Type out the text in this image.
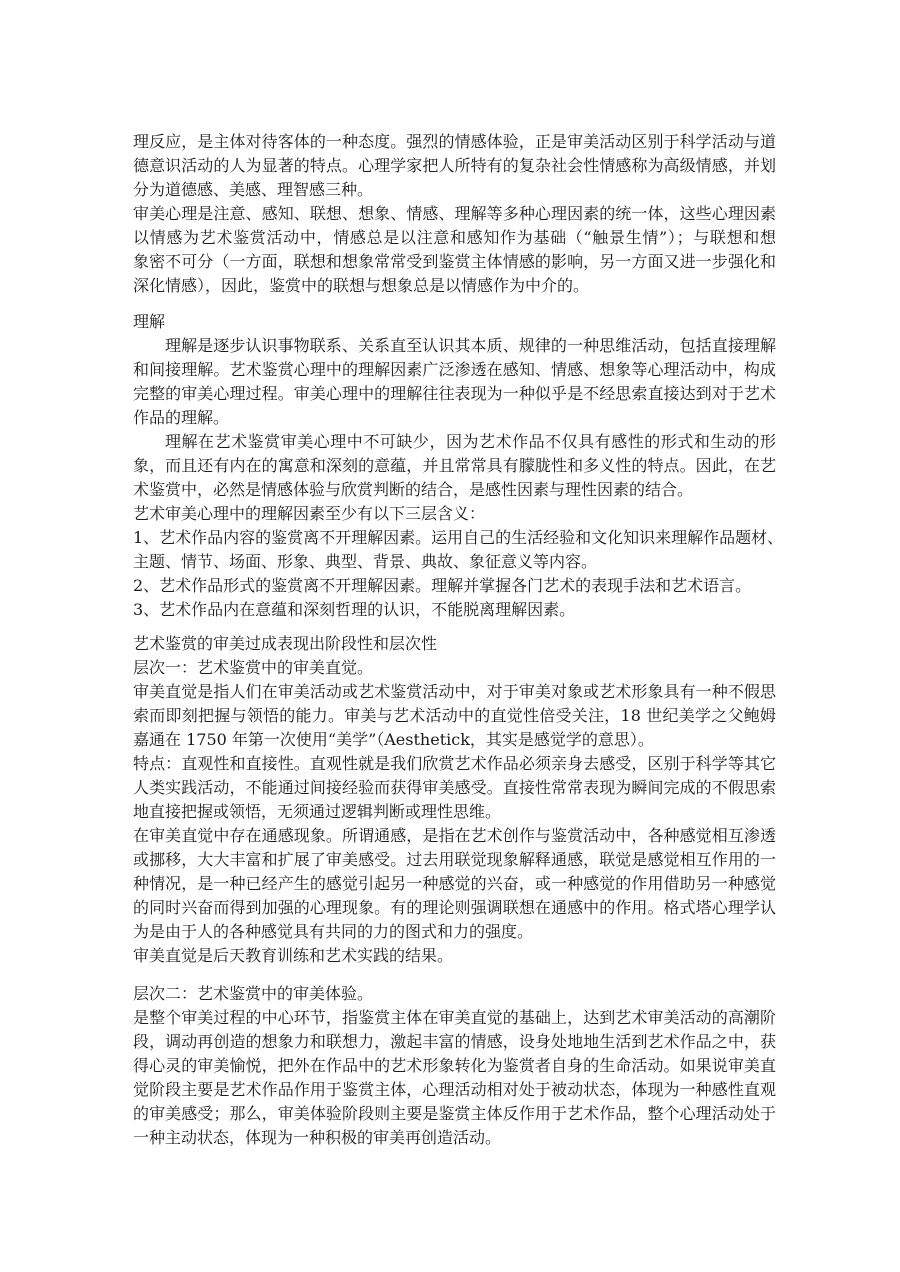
理反应，是主体对待客体的一种态度。强烈的情感体验，正是审美活动区别于科学活动与道
德意识活动的人为显著的特点。心理学家把人所特有的复杂社会性情感称为高级情感，并划
分为道德感、美感、理智感三种。
审美心理是注意、感知、联想、想象、情感、理解等多种心理因素的统一体，这些心理因素
以情感为艺术鉴赏活动中，情感总是以注意和感知作为基础（“触景生情”）；与联想和想
象密不可分（一方面，联想和想象常常受到鉴赏主体情感的影响，另一方面又进一步强化和
深化情感），因此，鉴赏中的联想与想象总是以情感作为中介的。
理解
理解是逐步认识事物联系、关系直至认识其本质、规律的一种思维活动，包括直接理解
和间接理解。艺术鉴赏心理中的理解因素广泛渗透在感知、情感、想象等心理活动中，构成
完整的审美心理过程。审美心理中的理解往往表现为一种似乎是不经思索直接达到对于艺术
作品的理解。
理解在艺术鉴赏审美心理中不可缺少，因为艺术作品不仅具有感性的形式和生动的形
象，而且还有内在的寓意和深刻的意蕴，并且常常具有朦胧性和多义性的特点。因此，在艺
术鉴赏中，必然是情感体验与欣赏判断的结合，是感性因素与理性因素的结合。
艺术审美心理中的理解因素至少有以下三层含义：
1、艺术作品内容的鉴赏离不开理解因素。运用自己的生活经验和文化知识来理解作品题材、
主题、情节、场面、形象、典型、背景、典故、象征意义等内容。
2、艺术作品形式的鉴赏离不开理解因素。理解并掌握各门艺术的表现手法和艺术语言。
3、艺术作品内在意蕴和深刻哲理的认识，不能脱离理解因素。
艺术鉴赏的审美过成表现出阶段性和层次性
层次一：艺术鉴赏中的审美直觉。
审美直觉是指人们在审美活动或艺术鉴赏活动中，对于审美对象或艺术形象具有一种不假思
索而即刻把握与领悟的能力。审美与艺术活动中的直觉性倍受关注，18 世纪美学之父鲍姆
嘉通在 1750 年第一次使用“美学”（Aesthetick，其实是感觉学的意思）。
特点：直观性和直接性。直观性就是我们欣赏艺术作品必须亲身去感受，区别于科学等其它
人类实践活动，不能通过间接经验而获得审美感受。直接性常常表现为瞬间完成的不假思索
地直接把握或领悟，无须通过逻辑判断或理性思维。
在审美直觉中存在通感现象。所谓通感，是指在艺术创作与鉴赏活动中，各种感觉相互渗透
或挪移，大大丰富和扩展了审美感受。过去用联觉现象解释通感，联觉是感觉相互作用的一
种情况，是一种已经产生的感觉引起另一种感觉的兴奋，或一种感觉的作用借助另一种感觉
的同时兴奋而得到加强的心理现象。有的理论则强调联想在通感中的作用。格式塔心理学认
为是由于人的各种感觉具有共同的力的图式和力的强度。
审美直觉是后天教育训练和艺术实践的结果。
层次二：艺术鉴赏中的审美体验。
是整个审美过程的中心环节，指鉴赏主体在审美直觉的基础上，达到艺术审美活动的高潮阶
段，调动再创造的想象力和联想力，激起丰富的情感，设身处地地生活到艺术作品之中，获
得心灵的审美愉悦，把外在作品中的艺术形象转化为鉴赏者自身的生命活动。如果说审美直
觉阶段主要是艺术作品作用于鉴赏主体，心理活动相对处于被动状态，体现为一种感性直观
的审美感受；那么，审美体验阶段则主要是鉴赏主体反作用于艺术作品，整个心理活动处于
一种主动状态，体现为一种积极的审美再创造活动。
